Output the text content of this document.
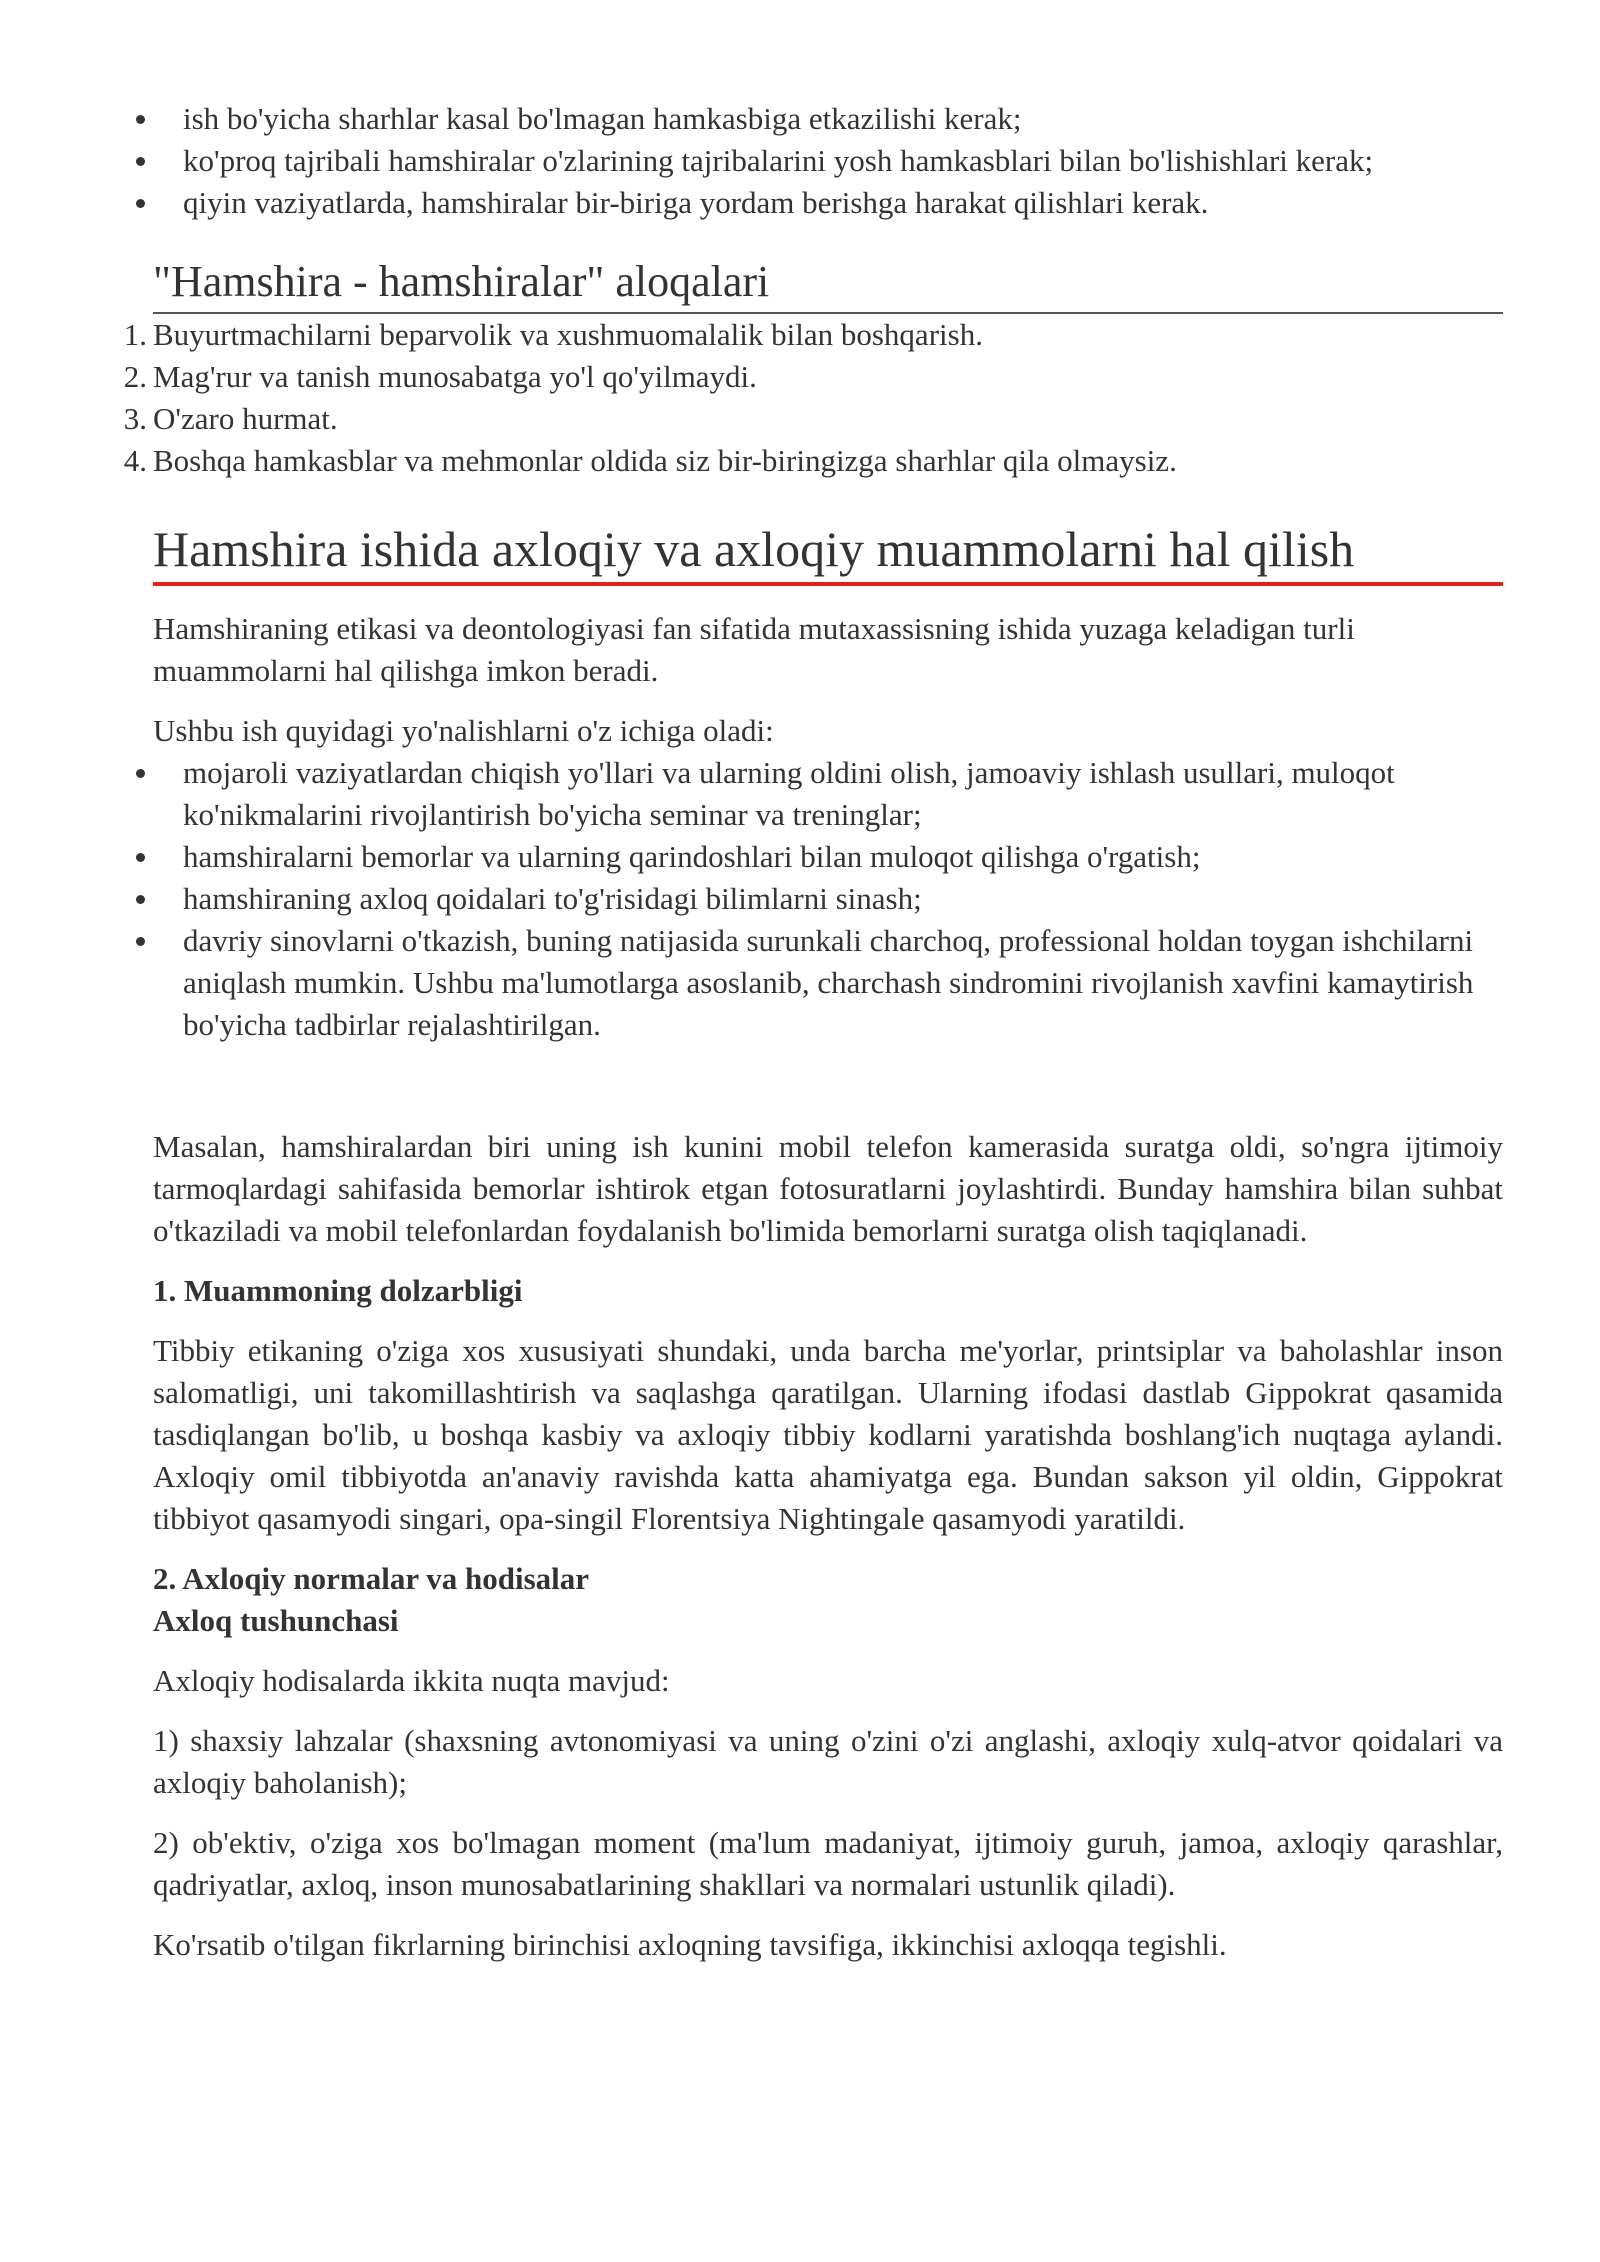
ish bo'yicha sharhlar kasal bo'lmagan hamkasbiga etkazilishi kerak;
ko'proq tajribali hamshiralar o'zlarining tajribalarini yosh hamkasblari bilan bo'lishishlari kerak;
qiyin vaziyatlarda, hamshiralar bir-biriga yordam berishga harakat qilishlari kerak.
"Hamshira - hamshiralar" aloqalari
1. Buyurtmachilarni beparvolik va xushmuomalalik bilan boshqarish.
2. Mag'rur va tanish munosabatga yo'l qo'yilmaydi.
3. O'zaro hurmat.
4. Boshqa hamkasblar va mehmonlar oldida siz bir-biringizga sharhlar qila olmaysiz.
Hamshira ishida axloqiy va axloqiy muammolarni hal qilish

Hamshiraning etikasi va deontologiyasi fan sifatida mutaxassisning ishida yuzaga keladigan turli muammolarni hal qilishga imkon beradi.

Ushbu ish quyidagi yo'nalishlarni o'z ichiga oladi:

mojaroli vaziyatlardan chiqish yo'llari va ularning oldini olish, jamoaviy ishlash usullari, muloqot ko'nikmalarini rivojlantirish bo'yicha seminar va treninglar;
hamshiralarni bemorlar va ularning qarindoshlari bilan muloqot qilishga o'rgatish;
hamshiraning axloq qoidalari to'g'risidagi bilimlarni sinash;
davriy sinovlarni o'tkazish, buning natijasida surunkali charchoq, professional holdan toygan ishchilarni aniqlash mumkin. Ushbu ma'lumotlarga asoslanib, charchash sindromini rivojlanish xavfini kamaytirish bo'yicha tadbirlar rejalashtirilgan.

Masalan, hamshiralardan biri uning ish kunini mobil telefon kamerasida suratga oldi, so'ngra ijtimoiy tarmoqlardagi sahifasida bemorlar ishtirok etgan fotosuratlarni joylashtirdi. Bunday hamshira bilan suhbat o'tkaziladi va mobil telefonlardan foydalanish bo'limida bemorlarni suratga olish taqiqlanadi.

1. Muammoning dolzarbligi

Tibbiy etikaning o'ziga xos xususiyati shundaki, unda barcha me'yorlar, printsiplar va baholashlar inson salomatligi, uni takomillashtirish va saqlashga qaratilgan. Ularning ifodasi dastlab Gippokrat qasamida tasdiqlangan bo'lib, u boshqa kasbiy va axloqiy tibbiy kodlarni yaratishda boshlang'ich nuqtaga aylandi. Axloqiy omil tibbiyotda an'anaviy ravishda katta ahamiyatga ega. Bundan sakson yil oldin, Gippokrat tibbiyot qasamyodi singari, opa-singil Florentsiya Nightingale qasamyodi yaratildi.

2. Axloqiy normalar va hodisalar

Axloq tushunchasi

Axloqiy hodisalarda ikkita nuqta mavjud:

1) shaxsiy lahzalar (shaxsning avtonomiyasi va uning o'zini o'zi anglashi, axloqiy xulq-atvor qoidalari va axloqiy baholanish);

2) ob'ektiv, o'ziga xos bo'lmagan moment (ma'lum madaniyat, ijtimoiy guruh, jamoa, axloqiy qarashlar, qadriyatlar, axloq, inson munosabatlarining shakllari va normalari ustunlik qiladi).

Ko'rsatib o'tilgan fikrlarning birinchisi axloqning tavsifiga, ikkinchisi axloqqa tegishli.
